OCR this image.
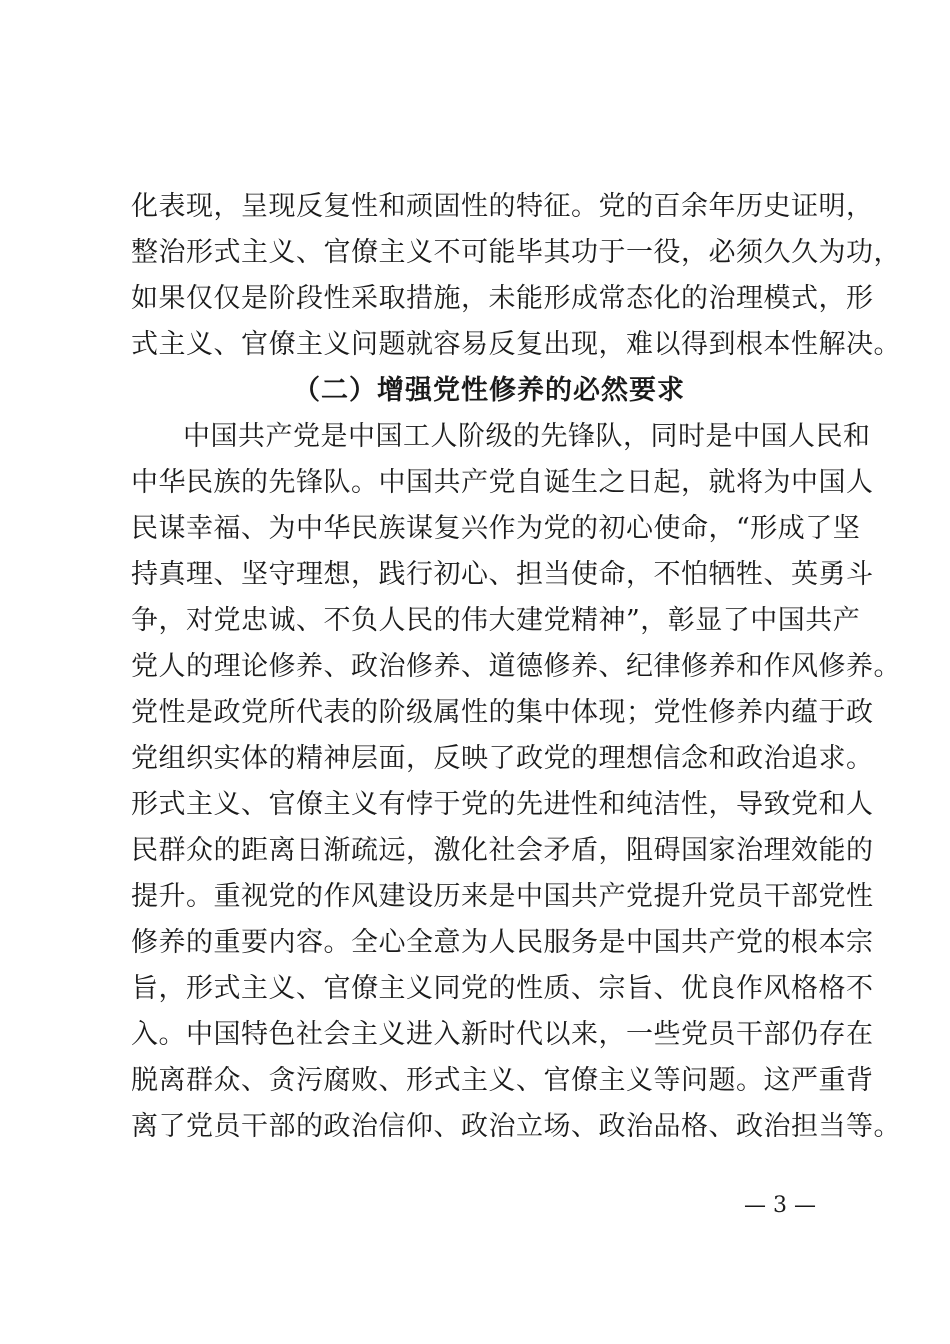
化表现，呈现反复性和顽固性的特征。党的百余年历史证明，
整治形式主义、官僚主义不可能毕其功于一役，必须久久为功，
如果仅仅是阶段性采取措施，未能形成常态化的治理模式，形
式主义、官僚主义问题就容易反复出现，难以得到根本性解决。
（二）增强党性修养的必然要求
中国共产党是中国工人阶级的先锋队，同时是中国人民和
中华民族的先锋队。中国共产党自诞生之日起，就将为中国人
民谋幸福、为中华民族谋复兴作为党的初心使命，“形成了坚
持真理、坚守理想，践行初心、担当使命，不怕牺牲、英勇斗
争，对党忠诚、不负人民的伟大建党精神”，彰显了中国共产
党人的理论修养、政治修养、道德修养、纪律修养和作风修养。
党性是政党所代表的阶级属性的集中体现；党性修养内蕴于政
党组织实体的精神层面，反映了政党的理想信念和政治追求。
形式主义、官僚主义有悖于党的先进性和纯洁性，导致党和人
民群众的距离日渐疏远，激化社会矛盾，阻碍国家治理效能的
提升。重视党的作风建设历来是中国共产党提升党员干部党性
修养的重要内容。全心全意为人民服务是中国共产党的根本宗
旨，形式主义、官僚主义同党的性质、宗旨、优良作风格格不
入。中国特色社会主义进入新时代以来，一些党员干部仍存在
脱离群众、贪污腐败、形式主义、官僚主义等问题。这严重背
离了党员干部的政治信仰、政治立场、政治品格、政治担当等。
— 3 —
